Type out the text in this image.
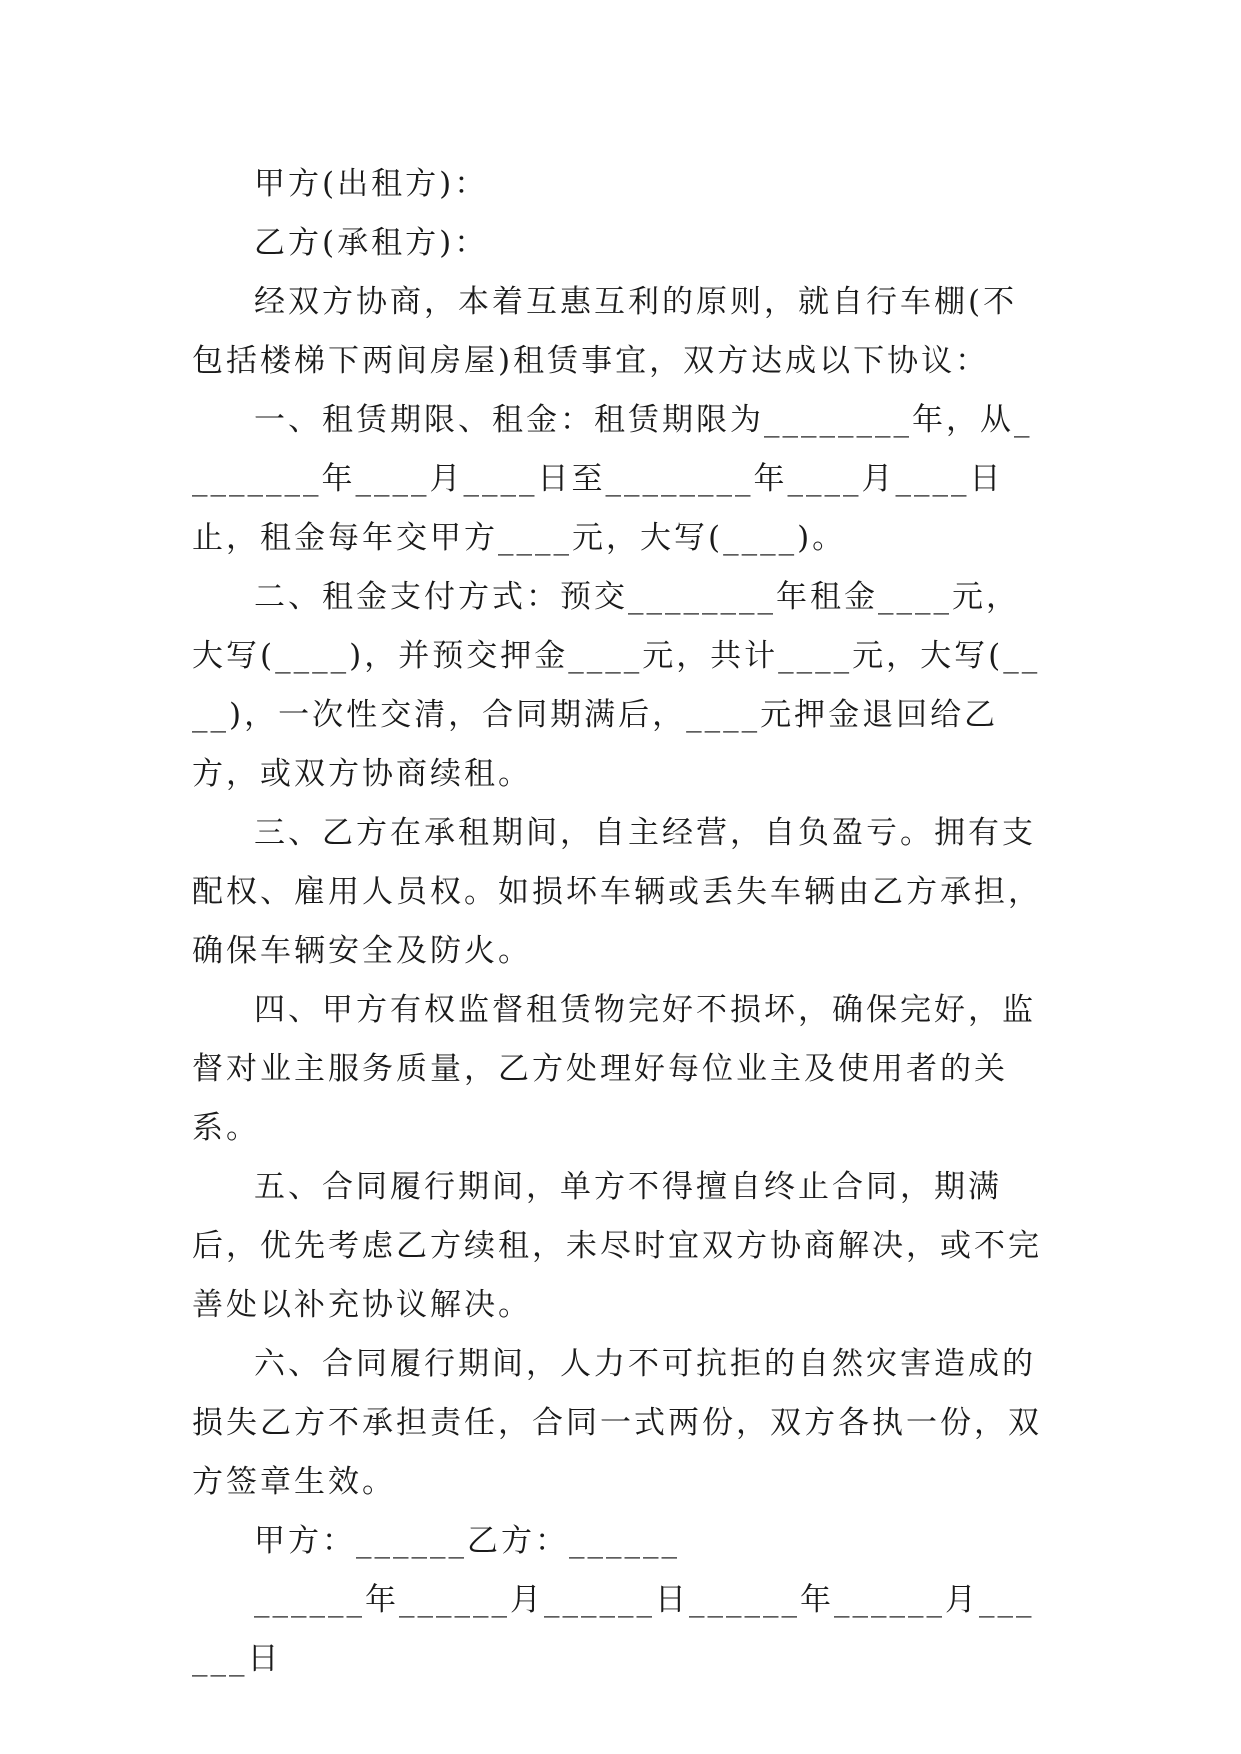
甲方(出租方)：

乙方(承租方)：

经双方协商，本着互惠互利的原则，就自行车棚(不包括楼梯下两间房屋)租赁事宜，双方达成以下协议：

一、租赁期限、租金：租赁期限为________年，从________年____月____日至________年____月____日止，租金每年交甲方____元，大写(____)。

二、租金支付方式：预交________年租金____元，大写(____)，并预交押金____元，共计____元，大写(____)，一次性交清，合同期满后，____元押金退回给乙方，或双方协商续租。

三、乙方在承租期间，自主经营，自负盈亏。拥有支配权、雇用人员权。如损坏车辆或丢失车辆由乙方承担，确保车辆安全及防火。

四、甲方有权监督租赁物完好不损坏，确保完好，监督对业主服务质量，乙方处理好每位业主及使用者的关系。

五、合同履行期间，单方不得擅自终止合同，期满后，优先考虑乙方续租，未尽时宜双方协商解决，或不完善处以补充协议解决。

六、合同履行期间，人力不可抗拒的自然灾害造成的损失乙方不承担责任，合同一式两份，双方各执一份，双方签章生效。

甲方：______乙方：______

______年______月______日______年______月______日
